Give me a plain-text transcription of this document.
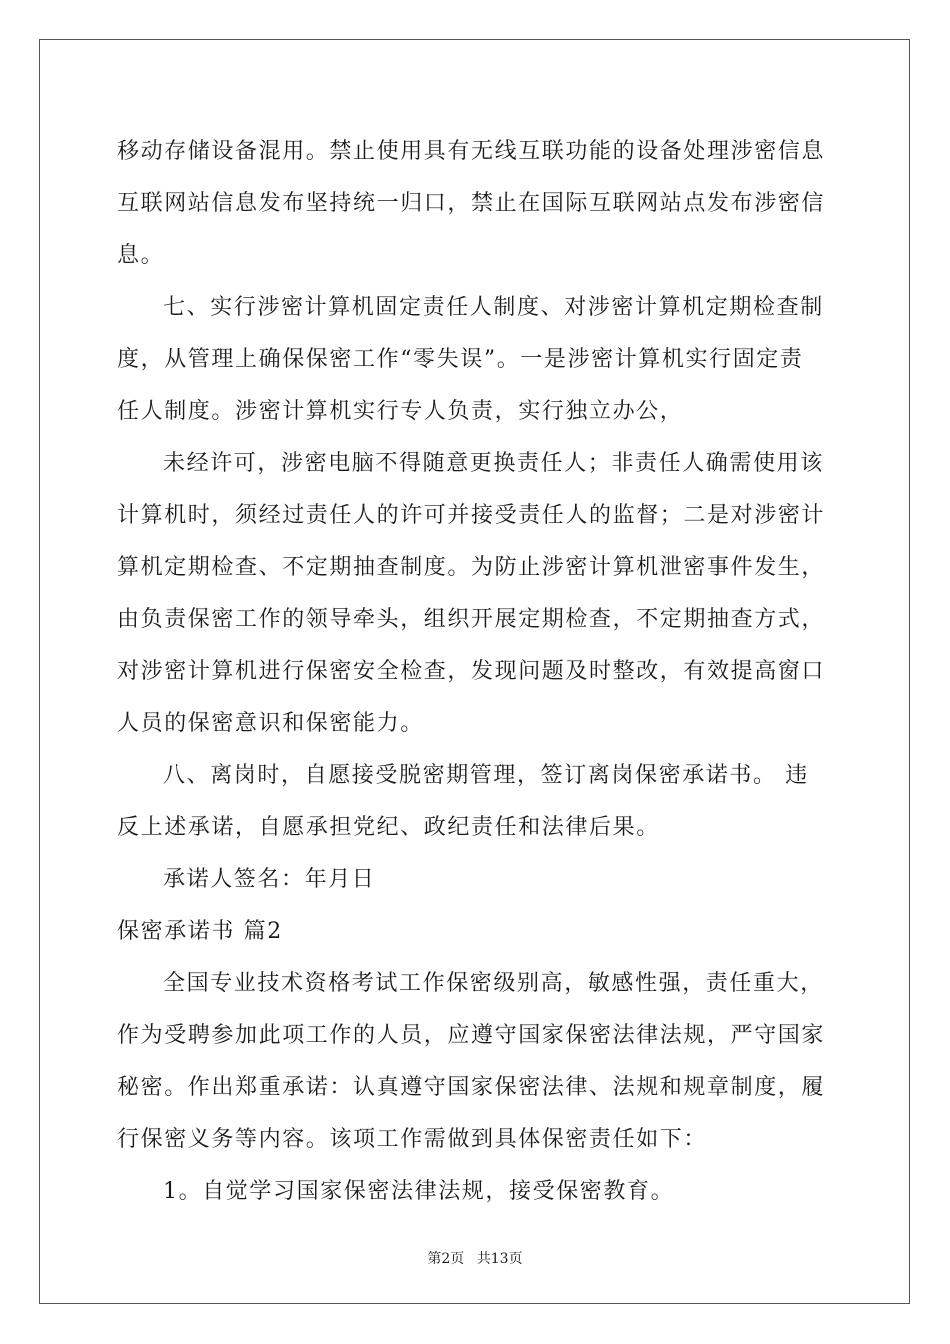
移动存储设备混用。禁止使用具有无线互联功能的设备处理涉密信息
互联网站信息发布坚持统一归口，禁止在国际互联网站点发布涉密信
息。
七、实行涉密计算机固定责任人制度、对涉密计算机定期检查制
度，从管理上确保保密工作“零失误”。一是涉密计算机实行固定责
任人制度。涉密计算机实行专人负责，实行独立办公，
未经许可，涉密电脑不得随意更换责任人；非责任人确需使用该
计算机时，须经过责任人的许可并接受责任人的监督；二是对涉密计
算机定期检查、不定期抽查制度。为防止涉密计算机泄密事件发生，
由负责保密工作的领导牵头，组织开展定期检查，不定期抽查方式，
对涉密计算机进行保密安全检查，发现问题及时整改，有效提高窗口
人员的保密意识和保密能力。
八、离岗时，自愿接受脱密期管理，签订离岗保密承诺书。 违
反上述承诺，自愿承担党纪、政纪责任和法律后果。
承诺人签名：年月日
保密承诺书 篇2
全国专业技术资格考试工作保密级别高，敏感性强，责任重大，
作为受聘参加此项工作的人员，应遵守国家保密法律法规，严守国家
秘密。作出郑重承诺：认真遵守国家保密法律、法规和规章制度，履
行保密义务等内容。该项工作需做到具体保密责任如下：
1。自觉学习国家保密法律法规，接受保密教育。
第2页 共13页
